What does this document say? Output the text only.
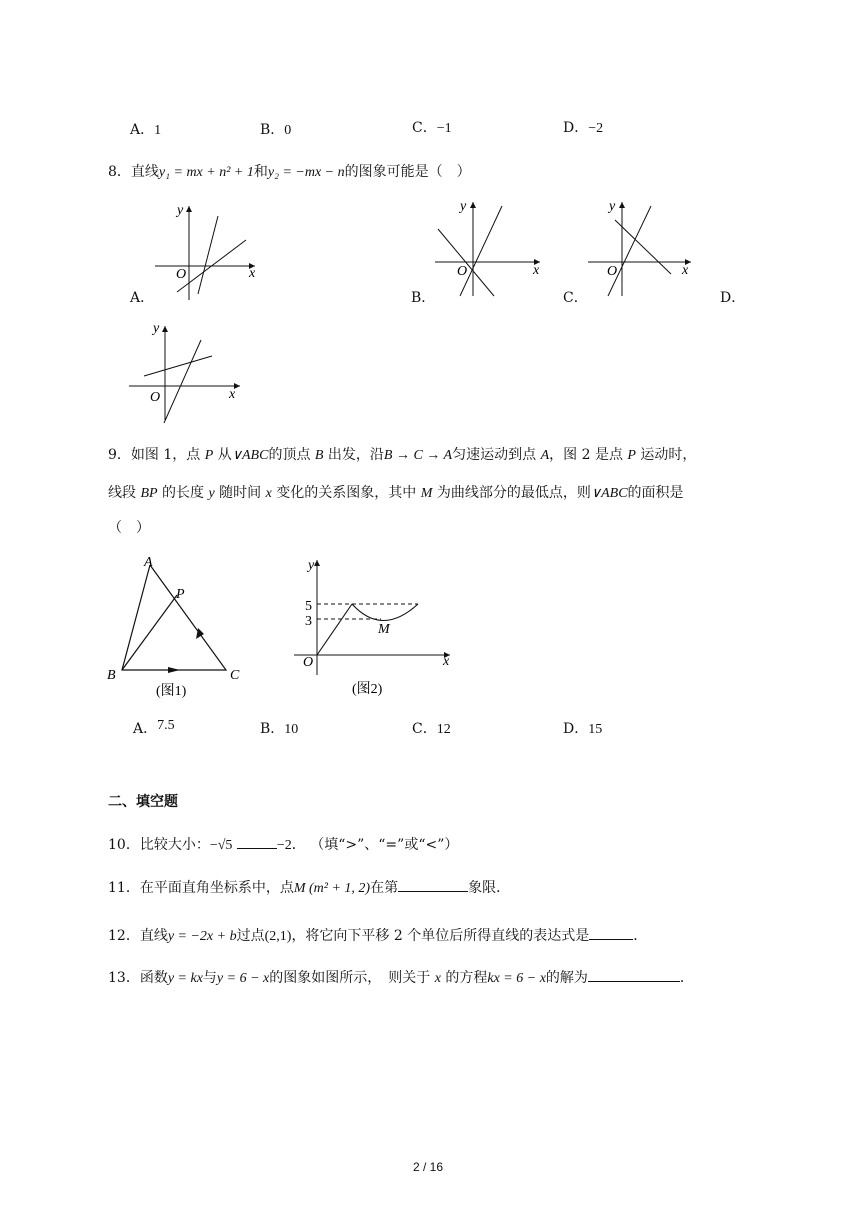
A．1	B．0	C．−1	D．−2
8．直线y₁ = mx + n² + 1和y₂ = −mx − n的图象可能是（　）
y
x
O
A．
y
x
O
B．
y
x
O
C．	D．
y
x
O
9．如图 1，点 P 从∨ABC的顶点 B 出发，沿B → C → A匀速运动到点 A，图 2 是点 P 运动时，
线段 BP 的长度 y 随时间 x 变化的关系图象，其中 M 为曲线部分的最低点，则∨ABC的面积是
（　）
A
P
B	C
(图1)
y
x
O
5
3
M
(图2)
A．7.5	B．10	C．12	D．15
二、填空题
10．比较大小：−√5	−2． （填“>”、“=”或“<”）
11．在平面直角坐标系中，点M (m² + 1, 2)在第	象限．
12．直线y = −2x + b过点(2,1)，将它向下平移 2 个单位后所得直线的表达式是	．
13．函数y = kx与y = 6 − x的图象如图所示，　则关于 x 的方程kx = 6 − x的解为	．
2 / 16
